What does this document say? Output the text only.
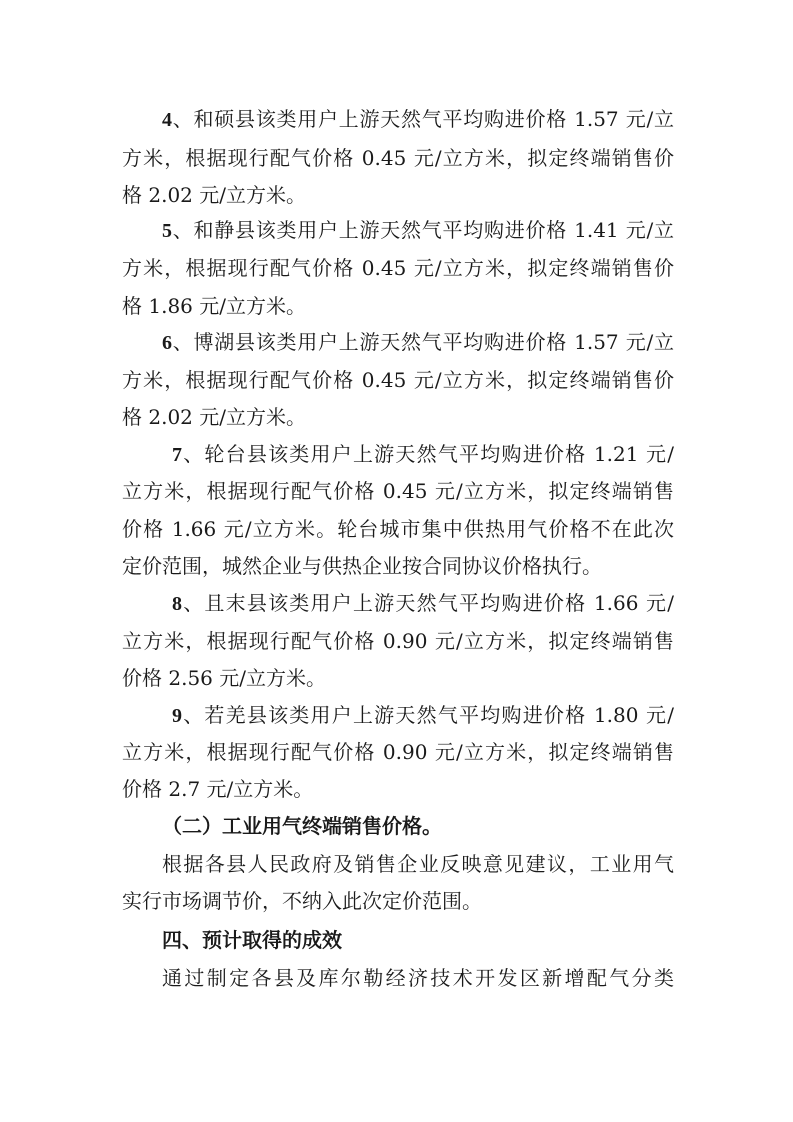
4、和硕县该类用户上游天然气平均购进价格 1.57 元/立
方米，根据现行配气价格 0.45 元/立方米，拟定终端销售价
格 2.02 元/立方米。
5、和静县该类用户上游天然气平均购进价格 1.41 元/立
方米，根据现行配气价格 0.45 元/立方米，拟定终端销售价
格 1.86 元/立方米。
6、博湖县该类用户上游天然气平均购进价格 1.57 元/立
方米，根据现行配气价格 0.45 元/立方米，拟定终端销售价
格 2.02 元/立方米。
7、轮台县该类用户上游天然气平均购进价格 1.21 元/
立方米，根据现行配气价格 0.45 元/立方米，拟定终端销售
价格 1.66 元/立方米。轮台城市集中供热用气价格不在此次
定价范围，城然企业与供热企业按合同协议价格执行。
8、且末县该类用户上游天然气平均购进价格 1.66 元/
立方米，根据现行配气价格 0.90 元/立方米，拟定终端销售
价格 2.56 元/立方米。
9、若羌县该类用户上游天然气平均购进价格 1.80 元/
立方米，根据现行配气价格 0.90 元/立方米，拟定终端销售
价格 2.7 元/立方米。
（二）工业用气终端销售价格。
根据各县人民政府及销售企业反映意见建议，工业用气
实行市场调节价，不纳入此次定价范围。
四、预计取得的成效
通过制定各县及库尔勒经济技术开发区新增配气分类
